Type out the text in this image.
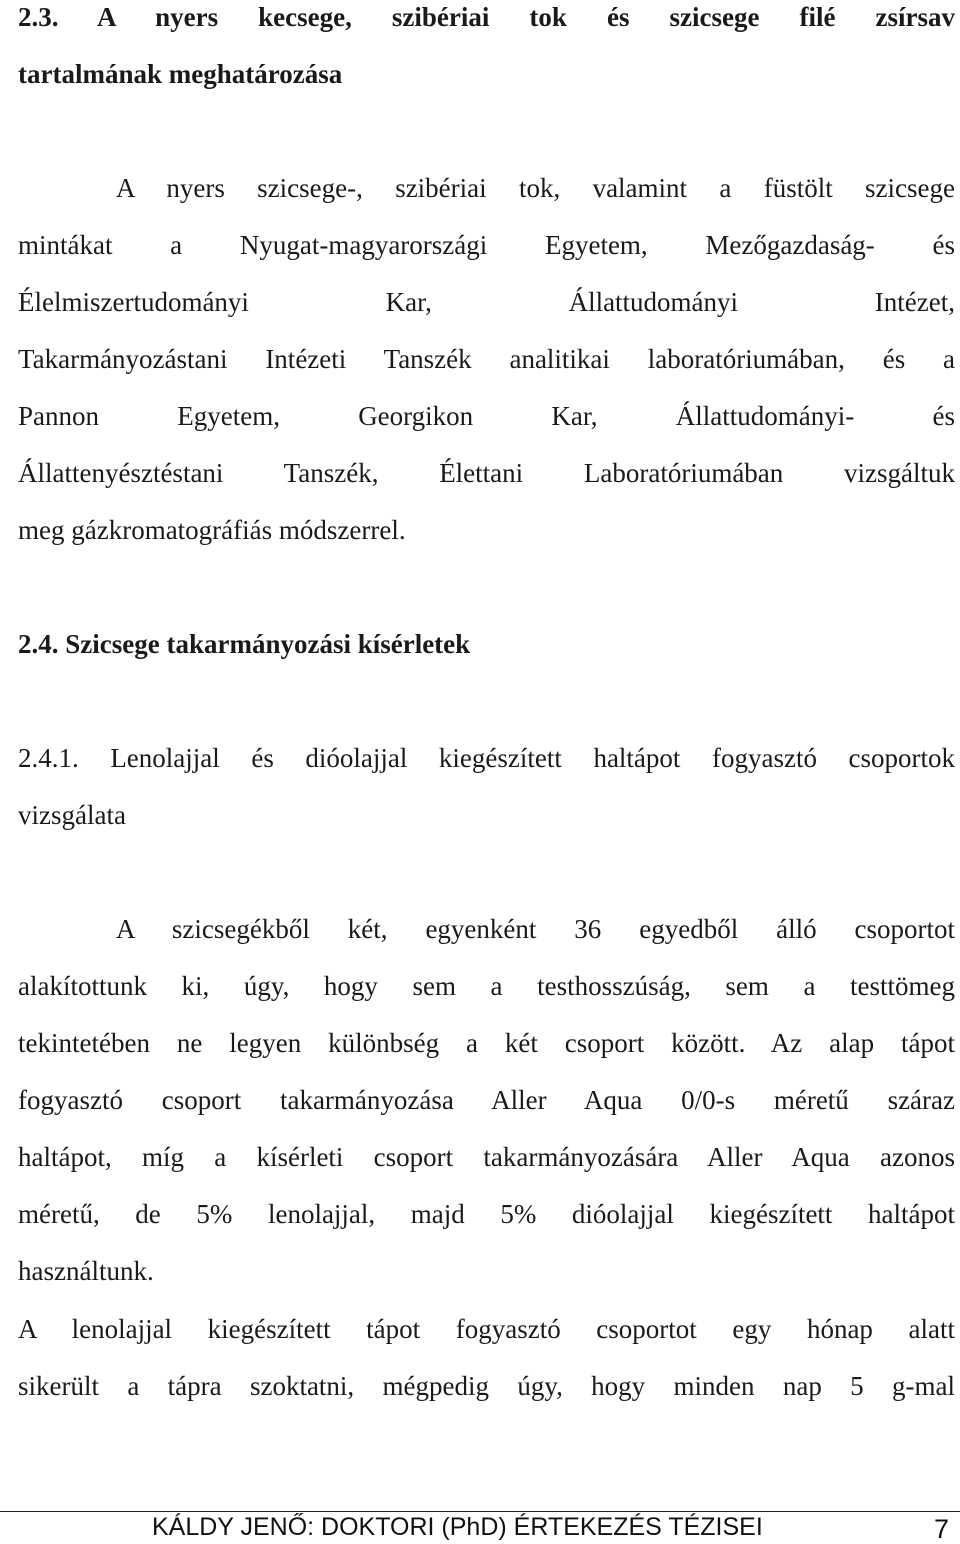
2.3. A nyers kecsege, szibériai tok és szicsege filé zsírsav
tartalmának meghatározása
A nyers szicsege-, szibériai tok, valamint a füstölt szicsege
mintákat a Nyugat-magyarországi Egyetem, Mezőgazdaság- és
Élelmiszertudományi Kar, Állattudományi Intézet,
Takarmányozástani Intézeti Tanszék analitikai laboratóriumában, és a
Pannon Egyetem, Georgikon Kar, Állattudományi- és
Állattenyésztéstani Tanszék, Élettani Laboratóriumában vizsgáltuk
meg gázkromatográfiás módszerrel.
2.4. Szicsege takarmányozási kísérletek
2.4.1. Lenolajjal és dióolajjal kiegészített haltápot fogyasztó csoportok
vizsgálata
A szicsegékből két, egyenként 36 egyedből álló csoportot
alakítottunk ki, úgy, hogy sem a testhosszúság, sem a testtömeg
tekintetében ne legyen különbség a két csoport között. Az alap tápot
fogyasztó csoport takarmányozása Aller Aqua 0/0-s méretű száraz
haltápot, míg a kísérleti csoport takarmányozására Aller Aqua azonos
méretű, de 5% lenolajjal, majd 5% dióolajjal kiegészített haltápot
használtunk.
A lenolajjal kiegészített tápot fogyasztó csoportot egy hónap alatt
sikerült a tápra szoktatni, mégpedig úgy, hogy minden nap 5 g-mal
KÁLDY JENŐ: DOKTORI (PhD) ÉRTEKEZÉS TÉZISEI	7
